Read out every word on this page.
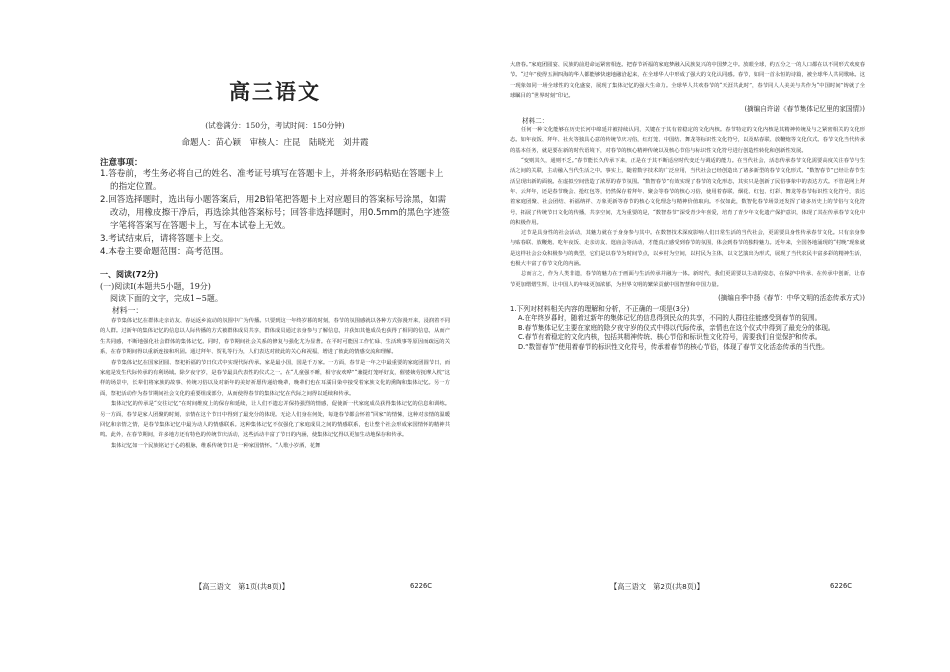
高三语文
(试卷满分：150分，考试时间：150分钟)
命题人：苗心颖　审核人：庄昆　陆晓光　刘井霞
注意事项：
1.答卷前，考生务必将自己的姓名、准考证号填写在答题卡上，并将条形码粘贴在答题卡上的指定位置。
2.回答选择题时，选出每小题答案后，用2B铅笔把答题卡上对应题目的答案标号涂黑，如需改动，用橡皮擦干净后，再选涂其他答案标号；回答非选择题时，用0.5mm的黑色字迹签字笔将答案写在答题卡上，写在本试卷上无效。
3.考试结束后，请将答题卡上交。
4.本卷主要命题范围：高考范围。
一、阅读(72分)
(一)阅读Ⅰ(本题共5小题，19分)
阅读下面的文字，完成1~5题。
材料一：
春节集体记忆在群体走亲访友、春运返乡流动的氛围中广为传播。只要到这一年终岁暮的时刻，春节的氛围感就以各种方式弥漫开来，浸润着不同的人群。过新年的集体记忆的信息以人际传播的方式被群体成员共享，群体成员通过亲身参与了解信息，并获知其他成员也获得了相同的信息，从而产生共同感，不断地强化社会群体的集体记忆。同时，春节期间社会关系的修复与强化尤为显著。在平时可能因工作忙碌、生活琐事等原因而疏远的关系，在春节期间得以重新连接和巩固。通过拜年、贺礼等行为，人们表达对彼此的关心和祝福，增进了彼此的情感交流和理解。
春节集体记忆在国家团圆、祭祀祈福的节日仪式中实现代际传承。家是最小国，国是千万家。一方面，春节是一年之中最重要的家庭团圆节日，而家庭是发生代际传承的有利场域。除夕夜守岁，是春节最具代表性的仪式之一。在“儿童强不睡，相守夜欢哗”“兼提灯笼呼好友，催婆姨劳抚摩入枕”这样的场景中，长辈们将家族的故事、传统习俗以及对新年的美好祈愿传递给晚辈，晚辈们也在耳濡目染中接受着家族文化的熏陶和集体记忆。另一方面，祭祀活动作为春节期间社会文化的重要组成部分，从而使得春节的集体记忆在代际之间得以延续和传承。
集体记忆的传承是“交往记忆”在时间维度上的保存和延续，让人们不遗忘并保持强烈的情感，促使新一代家庭成员获得集体记忆的信息和训练。另一方面，春节是家人团聚的时刻，亲情在这个节日中得到了最充分的体现。无论人们身在何处，每逢春节都会怀着“回家”的情愫，这种对亲情的温暖回忆和亲情之情，是春节集体记忆中最为动人的情感联系。这种集体记忆不仅强化了家庭成员之间的情感联系，也让整个社会形成家国情怀的精神共鸣。此外，在春节期间，许多地方还有特色的传统节庆活动，这些活动丰富了节日的内涵，使集体记忆得以更加生动地保存和传承。
集体记忆如一个民族铭记于心的根脉，维系传统节日是一种家国情怀。“人歌小岁酒，花舞
【高三语文　第1页(共8页)】	6226C
大唐春。”家庭团圆宴、民族的前进命运紧密相连。把春节祈福的家庭梦融入民族复兴的中国梦之中。放眼全球，约五分之一的人口都在以不同形式欢度春节。“过年”使得五洲四海的华人都能够快速地融洽起来，在全球华人中形成了强大的文化认同感。春节，如同一首永恒的诗篇，被全球华人共同歌咏。这一现象如同一场全球性的文化盛宴，展现了集体记忆的强大生命力。全球华人共欢春节的“天涯共此时”，春节同人人美美与共作为“中国时间”铸就了全球瞩目的“世界时刻”印记。
(摘编自许诺《春节集体记忆里的家国情》)
材料二：
任何一种文化能够在历史长河中绵延并被持续认同，关键在于其有着稳定的文化内核。春节特定的文化内核是其精神传统及与之紧密相关的文化形态。如年夜饭、拜年、社火等独具心意的传统节庆习俗，红灯笼、中国结、舞龙等标识性文化符号，以及贴春联、放鞭炮等文化仪式。春节文化当代传承的基本任务，就是要在新的时代语境下，对春节的核心精神传统以及核心节俗与标识性文化符号进行创造性转化和创新性发展。
“变则其久，通则不乏。”春节能长久传承下来，正是在于其不断适应时代变迁与调适的能力。在当代社会，活态传承春节文化需要高度关注春节与生活之间的关联，主动融入当代生活之中。事实上，随着数字技术的广泛应用，当代社会已经创造出了诸多新型的春节文化形式。“数智春节”已经让春节生活呈现出新的面貌。在虚拟空间营造了浓厚的春节氛围。“数智春节”有效实现了春节的文化形态，其实只是创新了民俗事象中的表达方式。不管是网上拜年、云拜年，还是春节晚会、抢红包等，仍然保存着拜年、聚会等春节的核心习俗，使用着春联、烟花、红包、灯彩、舞龙等春节标识性文化符号，表达着家庭团聚、社会团结、祈福纳祥、万象更新等春节的核心文化理念与精神价值取向。不仅如此，数智化春节场景还发挥了诸多历史上的节俗与文化符号，拓展了传统节日文化的传播，共享空间，尤为重要的是，“数智春节”深受青少年喜爱，培育了青少年文化遗产保护意识，体现了其在传承春节文化中的积极作用。
过节是具身性的社会活动，其魅力就在于身身参与其中。在数智技术深度影响人们日常生活的当代社会，更需要具身性传承春节文化。只有亲身参与贴春联、放鞭炮、吃年夜饭、走亲访友、逛庙会等活动，才能真正感受到春节的氛围，体会到春节的独特魅力。近年来，全国各地涌现的“村晚”现象就是这样社会公众积极参与的典型，它们是以春节为时间节点，以乡村为空间，以村民为主体，以文艺演出为形式，展现了当代农民丰富多彩的精神生活，也极大丰富了春节文化的内涵。
总而言之，作为人类非遗，春节的魅力在于画面与生活传承并融为一体。新时代，我们更需要以主动的姿态，在保护中传承、在传承中创新，让春节更加熠熠生辉，让中国人的年味更加浓郁，为世界文明的繁荣贡献中国智慧和中国力量。
(摘编自季中扬《春节：中华文明的活态传承方式》)
1.下列对材料相关内容的理解和分析，不正确的一项是(3分)
A.在年终岁暮时，随着过新年的集体记忆的信息得到民众的共享，不同的人群往往能感受到春节的氛围。
B.春节集体记忆主要在家庭的除夕夜守岁的仪式中得以代际传承，亲情也在这个仪式中得到了最充分的体现。
C.春节有着稳定的文化内核，包括其精神传统、核心节俗和标识性文化符号，需要我们自觉保护和传承。
D.“数智春节”使用着春节的标识性文化符号，传承着春节的核心节俗，体现了春节文化活态传承的当代性。
【高三语文　第2页(共8页)】	6226C
